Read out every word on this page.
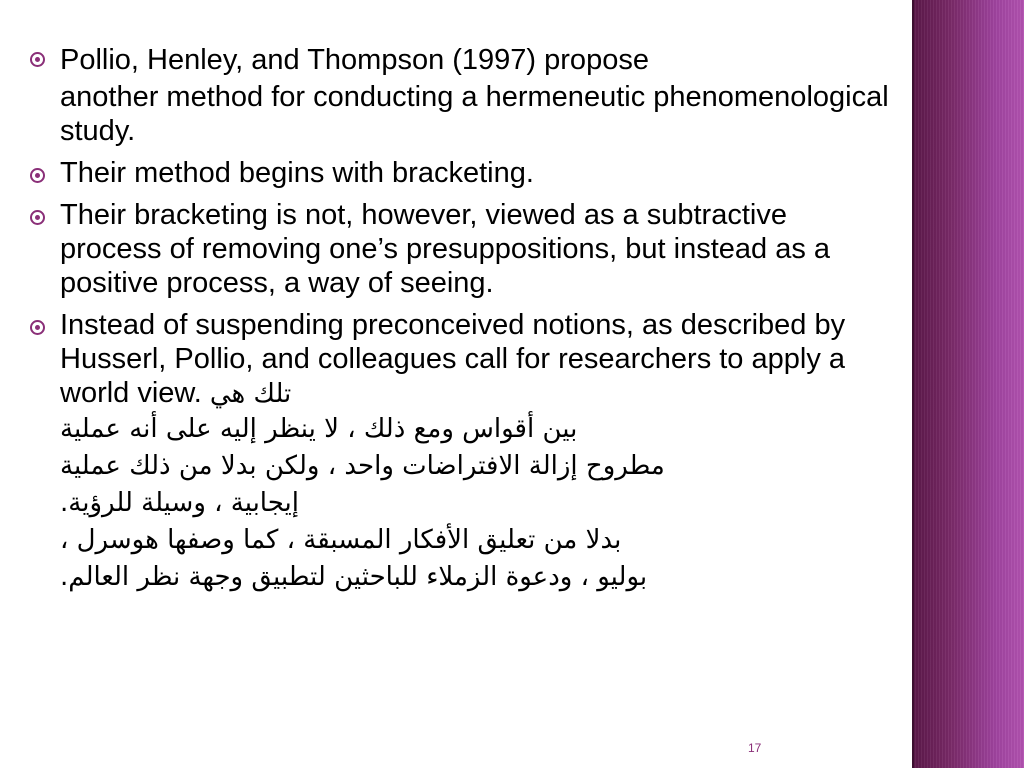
Pollio, Henley, and Thompson (1997) propose
another method for conducting a hermeneutic phenomenological study.
Their method begins with bracketing.
Their bracketing is not, however, viewed as a subtractive process of removing one’s presuppositions, but instead as a positive process, a way of seeing.
Instead of suspending preconceived notions, as described by Husserl, Pollio, and colleagues call for researchers to apply a world view. تلك هي
بين أقواس ومع ذلك ، لا ينظر إليه على أنه عملية
مطروح إزالة الافتراضات واحد ، ولكن بدلا من ذلك عملية
إيجابية ، وسيلة للرؤية.
بدلا من تعليق الأفكار المسبقة ، كما وصفها هوسرل ،
بوليو ، ودعوة الزملاء للباحثين لتطبيق وجهة نظر العالم.
17
